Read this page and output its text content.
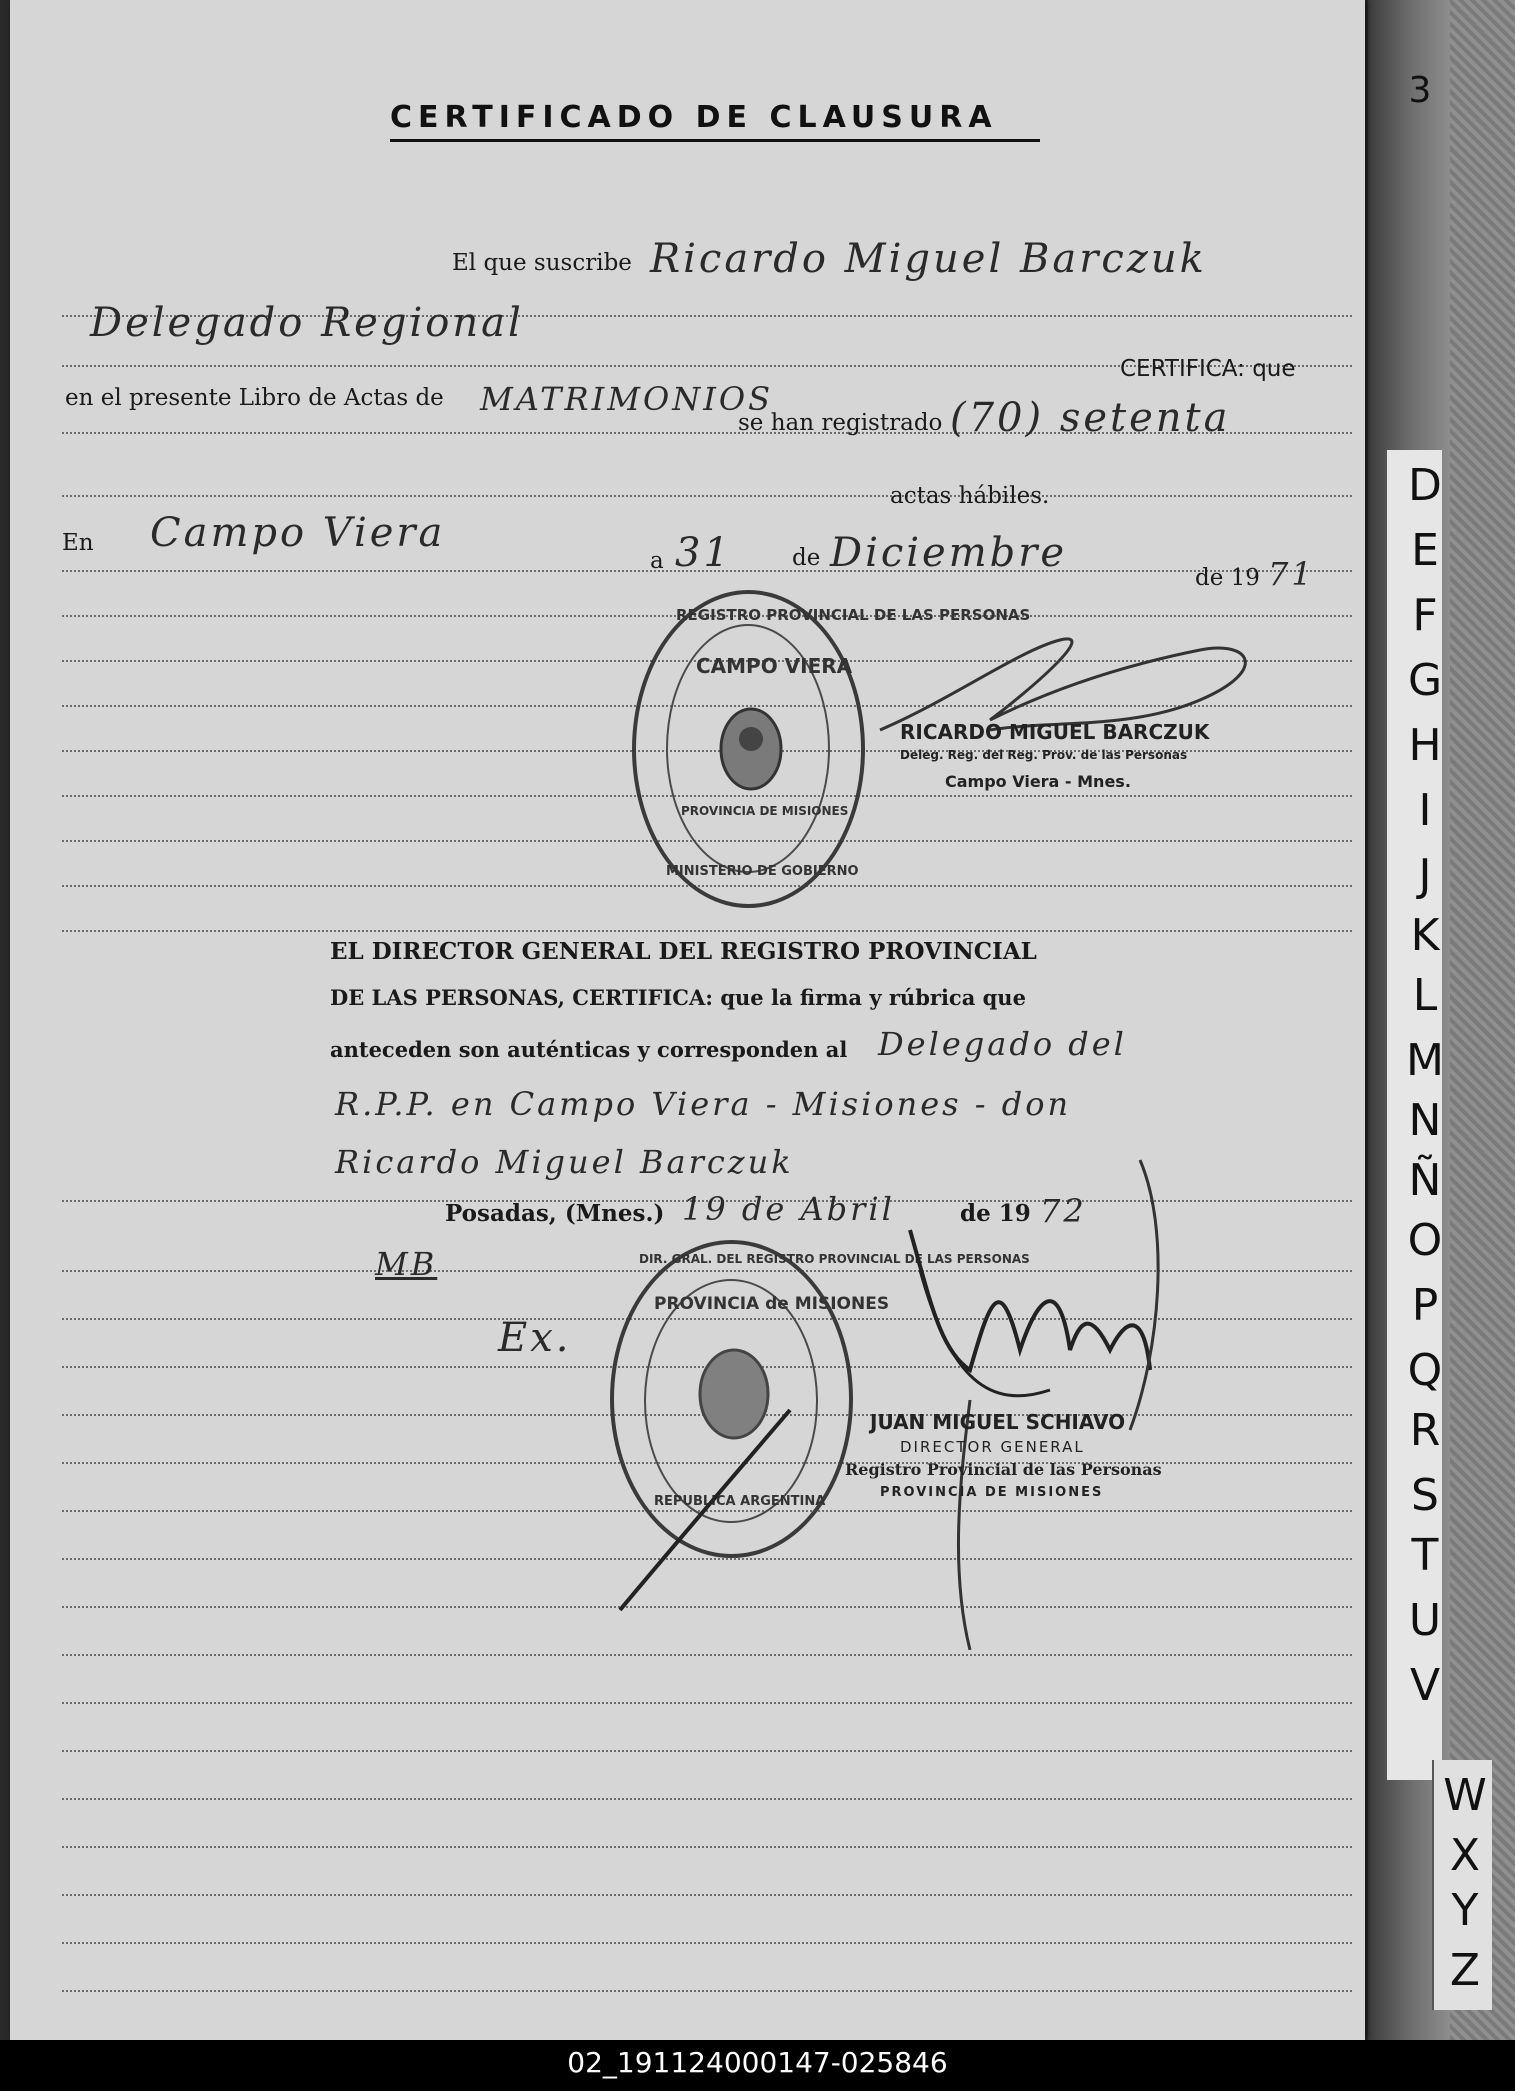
D
E
F
G
H
I
J
K
L
M
N
Ñ
O
P
Q
R
S
T
U
V
W
X
Y
Z
CERTIFICADO DE CLAUSURA
El que suscribe Ricardo Miguel Barczuk
Delegado Regional
CERTIFICA: que
en el presente Libro de Actas de MATRIMONIOS
se han registrado (70) setenta
actas hábiles.
En Campo Viera
a 31	de Diciembre
de 19 71
REGISTRO PROVINCIAL DE LAS PERSONAS
CAMPO VIERA
MINISTERIO DE GOBIERNO
PROVINCIA DE MISIONES
RICARDO MIGUEL BARCZUK
Deleg. Reg. del Reg. Prov. de las Personas
Campo Viera - Mnes.
EL DIRECTOR GENERAL DEL REGISTRO PROVINCIAL
DE LAS PERSONAS, CERTIFICA: que la firma y rúbrica que
anteceden son auténticas y corresponden al Delegado del
R.P.P. en Campo Viera - Misiones - don
Ricardo Miguel Barczuk
Posadas, (Mnes.) 19 de Abril	de 19 72
MB
Ex.
DIR. GRAL. DEL REGISTRO PROVINCIAL DE LAS PERSONAS
PROVINCIA de MISIONES
REPUBLICA ARGENTINA
JUAN MIGUEL SCHIAVO
DIRECTOR GENERAL
Registro Provincial de las Personas
PROVINCIA DE MISIONES
3
02_191124000147-025846
